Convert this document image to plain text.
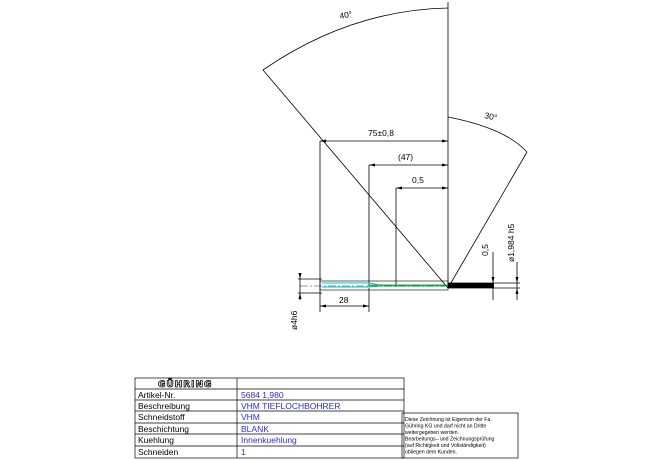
40°
30°
75±0,8
(47)
0,5
ø1,984 h5
0,5
28
ø4h6
GÜHRING
Artikel-Nr.	5684 1,980
Beschreibung	VHM TIEFLOCHBOHRER
Schneidstoff	VHM
Beschichtung	BLANK
Kuehlung	Innenkuehlung
Schneiden	1
Diese Zeichnung ist Eigentum der Fa.
Gühring KG und darf nicht an Dritte
weitergegeben werden.
Bearbeitungs– und Zeichnungsprüfung
(auf Richtigkeit und Vollständigkeit)
obliegen dem Kunden.
